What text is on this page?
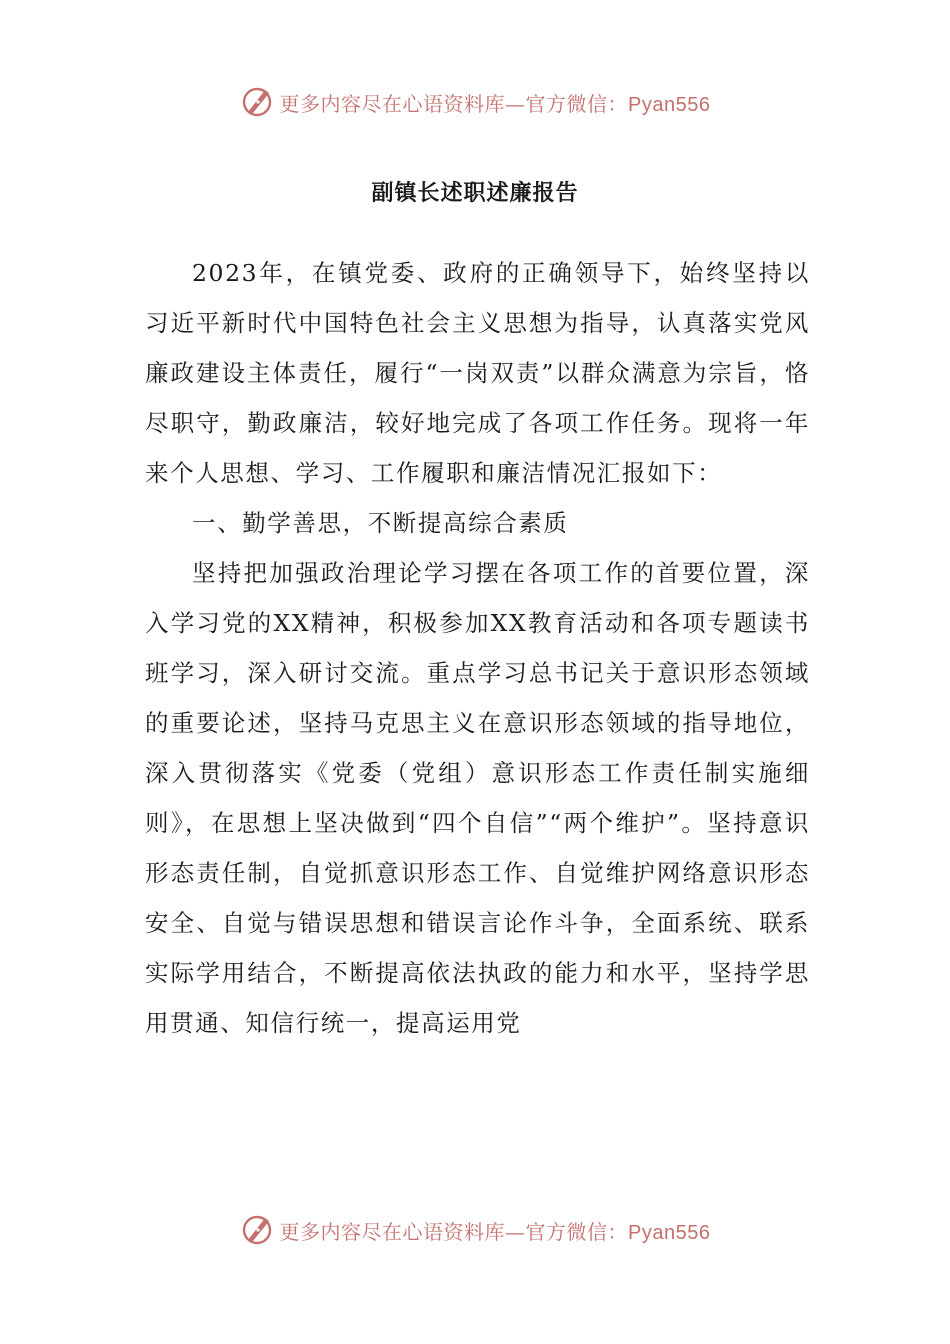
更多内容尽在心语资料库—官方微信：Pyan556
副镇长述职述廉报告

2023年，在镇党委、政府的正确领导下，始终坚持以习近平新时代中国特色社会主义思想为指导，认真落实党风廉政建设主体责任，履行“一岗双责”以群众满意为宗旨，恪尽职守，勤政廉洁，较好地完成了各项工作任务。现将一年来个人思想、学习、工作履职和廉洁情况汇报如下：

一、勤学善思，不断提高综合素质

坚持把加强政治理论学习摆在各项工作的首要位置，深入学习党的XX精神，积极参加XX教育活动和各项专题读书班学习，深入研讨交流。重点学习总书记关于意识形态领域的重要论述，坚持马克思主义在意识形态领域的指导地位，深入贯彻落实《党委（党组）意识形态工作责任制实施细则》，在思想上坚决做到“四个自信”“两个维护”。坚持意识形态责任制，自觉抓意识形态工作、自觉维护网络意识形态安全、自觉与错误思想和错误言论作斗争，全面系统、联系实际学用结合，不断提高依法执政的能力和水平，坚持学思用贯通、知信行统一，提高运用党

更多内容尽在心语资料库—官方微信：Pyan556
